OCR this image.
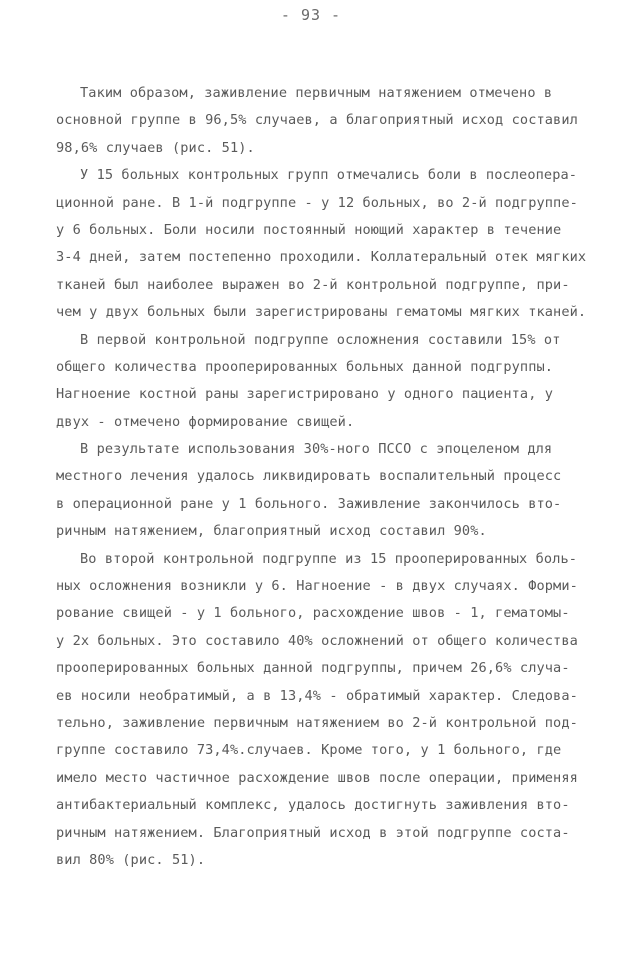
- 93 -
Таким образом, заживление первичным натяжением отмечено в
основной группе в 96,5% случаев, а благоприятный исход составил
98,6% случаев (рис. 51).
У 15 больных контрольных групп отмечались боли в послеопера-
ционной ране. В 1-й подгруппе - у 12 больных, во 2-й подгруппе-
у 6 больных. Боли носили постоянный ноющий характер в течение
3-4 дней, затем постепенно проходили. Коллатеральный отек мягких
тканей был наиболее выражен во 2-й контрольной подгруппе, при-
чем у двух больных были зарегистрированы гематомы мягких тканей.
В первой контрольной подгруппе осложнения составили 15% от
общего количества прооперированных больных данной подгруппы.
Нагноение костной раны зарегистрировано у одного пациента, у
двух - отмечено формирование свищей.
В результате использования 30%-ного ПССО с эпоцеленом для
местного лечения удалось ликвидировать воспалительный процесс
в операционной ране у 1 больного. Заживление закончилось вто-
ричным натяжением, благоприятный исход составил 90%.
Во второй контрольной подгруппе из 15 прооперированных боль-
ных осложнения возникли у 6. Нагноение - в двух случаях. Форми-
рование свищей - у 1 больного, расхождение швов - 1, гематомы-
у 2х больных. Это составило 40% осложнений от общего количества
прооперированных больных данной подгруппы, причем 26,6% случа-
ев носили необратимый, а в 13,4% - обратимый характер. Следова-
тельно, заживление первичным натяжением во 2-й контрольной под-
группе составило 73,4%.случаев. Кроме того, у 1 больного, где
имело место частичное расхождение швов после операции, применяя
антибактериальный комплекс, удалось достигнуть заживления вто-
ричным натяжением. Благоприятный исход в этой подгруппе соста-
вил 80% (рис. 51).
